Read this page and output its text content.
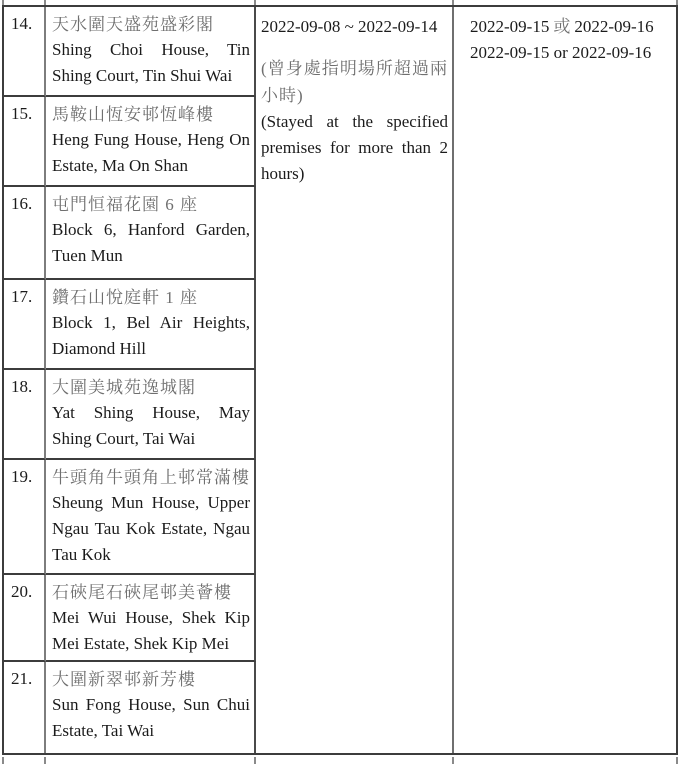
14.	天水圍天盛苑盛彩閣
Shing Choi House, Tin Shing Court, Tin Shui Wai
15.	馬鞍山恆安邨恆峰樓
Heng Fung House, Heng On Estate, Ma On Shan
16.	屯門恒福花園 6 座
Block 6, Hanford Garden, Tuen Mun
17.	鑽石山悅庭軒 1 座
Block 1, Bel Air Heights, Diamond Hill
18.	大圍美城苑逸城閣
Yat Shing House, May Shing Court, Tai Wai
19.	牛頭角牛頭角上邨常滿樓
Sheung Mun House, Upper Ngau Tau Kok Estate, Ngau Tau Kok
20.	石硤尾石硤尾邨美薈樓
Mei Wui House, Shek Kip Mei Estate, Shek Kip Mei
21.	大圍新翠邨新芳樓
Sun Fong House, Sun Chui Estate, Tai Wai
2022-09-08 ~ 2022-09-14
(曾身處指明場所超過兩小時)
(Stayed at the specified premises for more than 2 hours)
2022-09-15 或 2022-09-16
2022-09-15 or 2022-09-16
